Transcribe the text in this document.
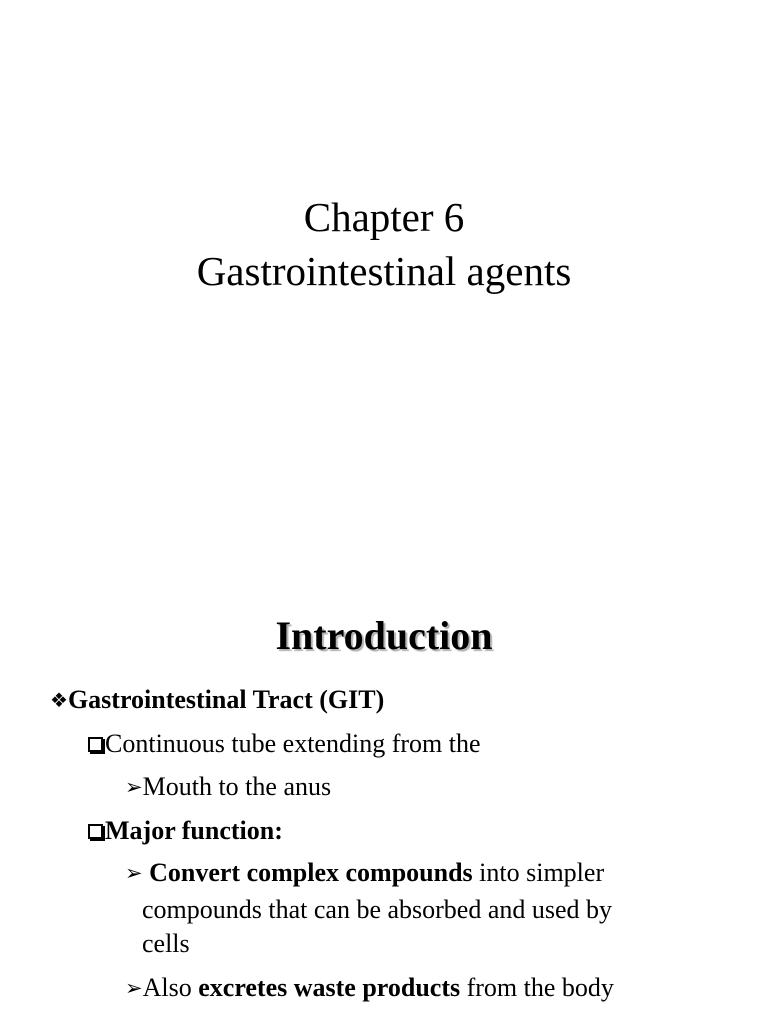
Chapter 6
Gastrointestinal agents
Introduction
❖Gastrointestinal Tract (GIT)
Continuous tube extending from the
➢Mouth to the anus
Major function:
➢ Convert complex compounds into simpler
compounds that can be absorbed and used by
cells
➢Also excretes waste products from the body
